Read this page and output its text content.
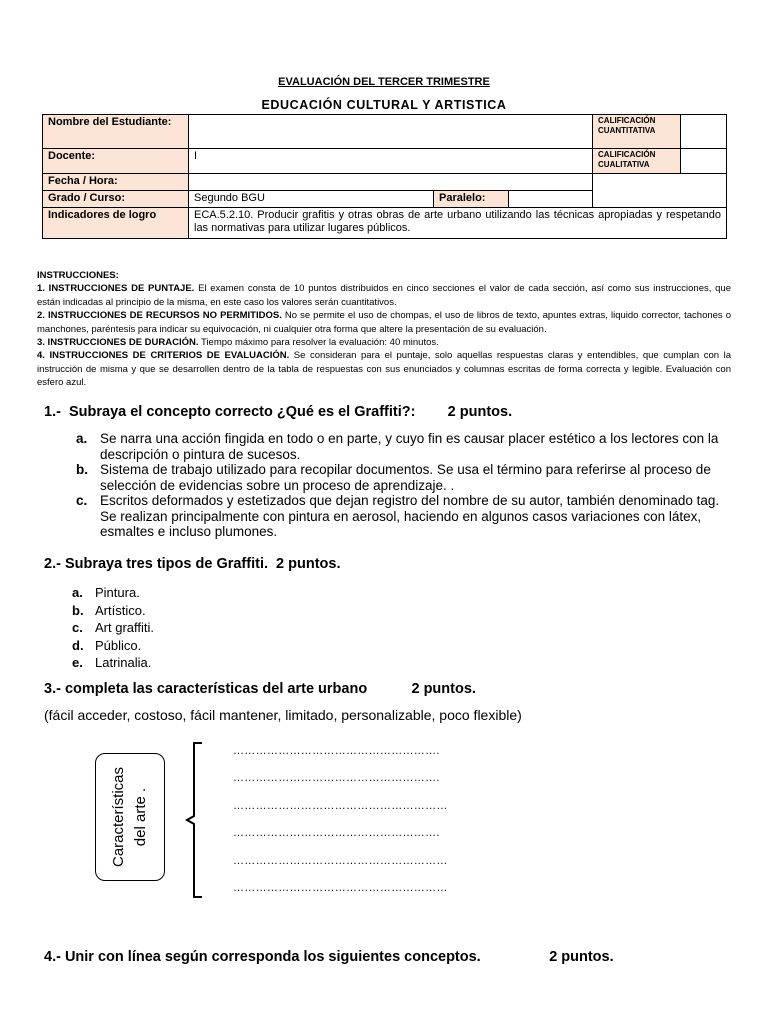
EVALUACIÓN DEL TERCER TRIMESTRE
EDUCACIÓN CULTURAL Y ARTISTICA
Nombre del Estudiante:				CALIFICACIÓN CUANTITATIVA	
Docente:	I			CALIFICACIÓN CUALITATIVA	
Fecha / Hora:					
Grado / Curso:	Segundo BGU	Paralelo:			
Indicadores de logro	ECA.5.2.10. Producir grafitis y otras obras de arte urbano utilizando las técnicas apropiadas y respetando las normativas para utilizar lugares públicos.				

INSTRUCCIONES:

1. INSTRUCCIONES DE PUNTAJE. El examen consta de 10 puntos distribuidos en cinco secciones el valor de cada sección, así como sus instrucciones, que están indicadas al principio de la misma, en este caso los valores serán cuantitativos.

2. INSTRUCCIONES DE RECURSOS NO PERMITIDOS. No se permite el uso de chompas, el uso de libros de texto, apuntes extras, liquido corrector, tachones o manchones, paréntesis para indicar su equivocación, ni cualquier otra forma que altere la presentación de su evaluación.

3. INSTRUCCIONES DE DURACIÓN. Tiempo máximo para resolver la evaluación: 40 minutos.

4. INSTRUCCIONES DE CRITERIOS DE EVALUACIÓN. Se consideran para el puntaje, solo aquellas respuestas claras y entendibles, que cumplan con la instrucción de misma y que se desarrollen dentro de la tabla de respuestas con sus enunciados y columnas escritas de forma correcta y legible. Evaluación con esfero azul.

1.-  Subraya el concepto correcto ¿Qué es el Graffiti?:        2 puntos.
a. Se narra una acción fingida en todo o en parte, y cuyo fin es causar placer estético a los lectores con la descripción o pintura de sucesos.
b. Sistema de trabajo utilizado para recopilar documentos. Se usa el término para referirse al proceso de selección de evidencias sobre un proceso de aprendizaje. .
c. Escritos deformados y estetizados que dejan registro del nombre de su autor, también denominado tag. Se realizan principalmente con pintura en aerosol, haciendo en algunos casos variaciones con látex, esmaltes e incluso plumones.
2.- Subraya tres tipos de Graffiti.  2 puntos.
a. Pintura.
b. Artístico.
c. Art graffiti.
d. Público.
e. Latrinalia.
3.- completa las características del arte urbano           2 puntos.
(fácil acceder, costoso, fácil mantener, limitado, personalizable, poco flexible)
Características del arte .
……………………………………………….
……………………………………………….
…………………………………………………
……………………………………………….
…………………………………………………
…………………………………………………
4.- Unir con línea según corresponda los siguientes conceptos.                 2 puntos.
